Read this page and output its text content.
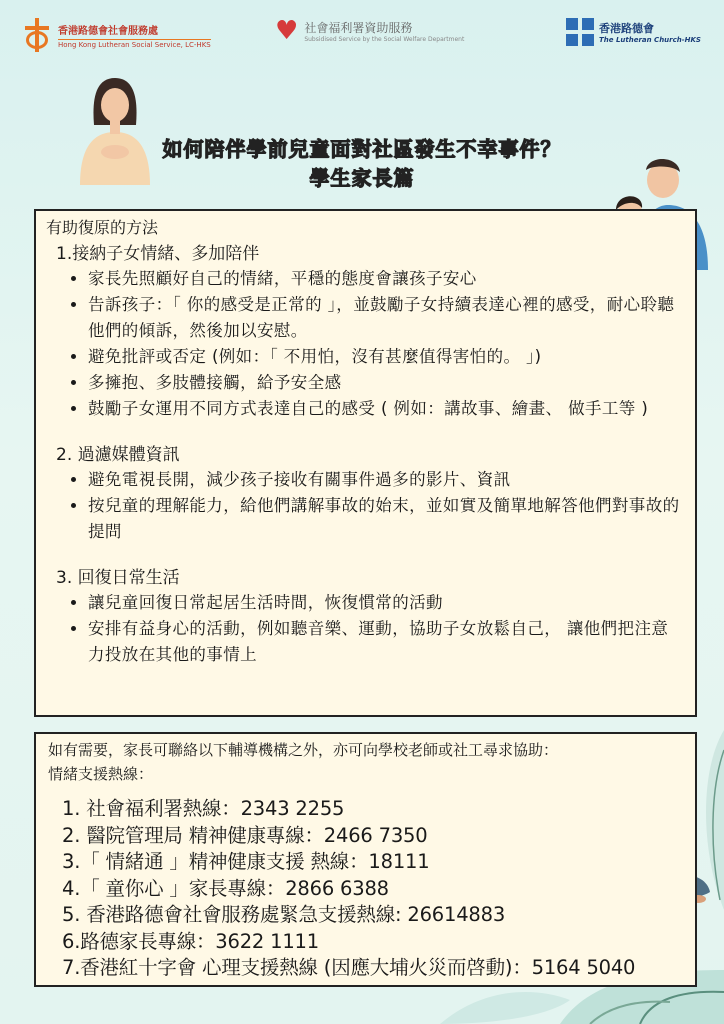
香港路德會社會服務處
Hong Kong Lutheran Social Service, LC-HKS ♥ 社會福利署資助服務
Subsidised Service by the Social Welfare Department
香港路德會
The Lutheran Church-HKS
如何陪伴學前兒童面對社區發生不幸事件？
學生家長篇
有助復原的方法
1.接納子女情緒、多加陪伴
• 家長先照顧好自己的情緒，平穩的態度會讓孩子安心
• 告訴孩子：「 你的感受是正常的 」，並鼓勵子女持續表達心裡的感受，耐心聆聽他們的傾訴，然後加以安慰。
• 避免批評或否定 (例如：「 不用怕，沒有甚麼值得害怕的。 」)
• 多擁抱、多肢體接觸，給予安全感
• 鼓勵子女運用不同方式表達自己的感受 ( 例如：講故事、繪畫、 做手工等 )
2. 過濾媒體資訊
• 避免電視長開，減少孩子接收有關事件過多的影片、資訊
• 按兒童的理解能力，給他們講解事故的始末，並如實及簡單地解答他們對事故的提問
3. 回復日常生活
• 讓兒童回復日常起居生活時間，恢復慣常的活動
• 安排有益身心的活動，例如聽音樂、運動，協助子女放鬆自己， 讓他們把注意力投放在其他的事情上
如有需要，家長可聯絡以下輔導機構之外，亦可向學校老師或社工尋求協助：
情緒支援熱線：
1. 社會福利署熱線：2343 2255
2. 醫院管理局 精神健康專線：2466 7350
3.「 情緒通 」精神健康支援 熱線：18111
4.「 童你心 」家長專線：2866 6388
5. 香港路德會社會服務處緊急支援熱線: 26614883
6.路德家長專線：3622 1111
7.香港紅十字會 心理支援熱線 (因應大埔火災而啓動)：5164 5040
